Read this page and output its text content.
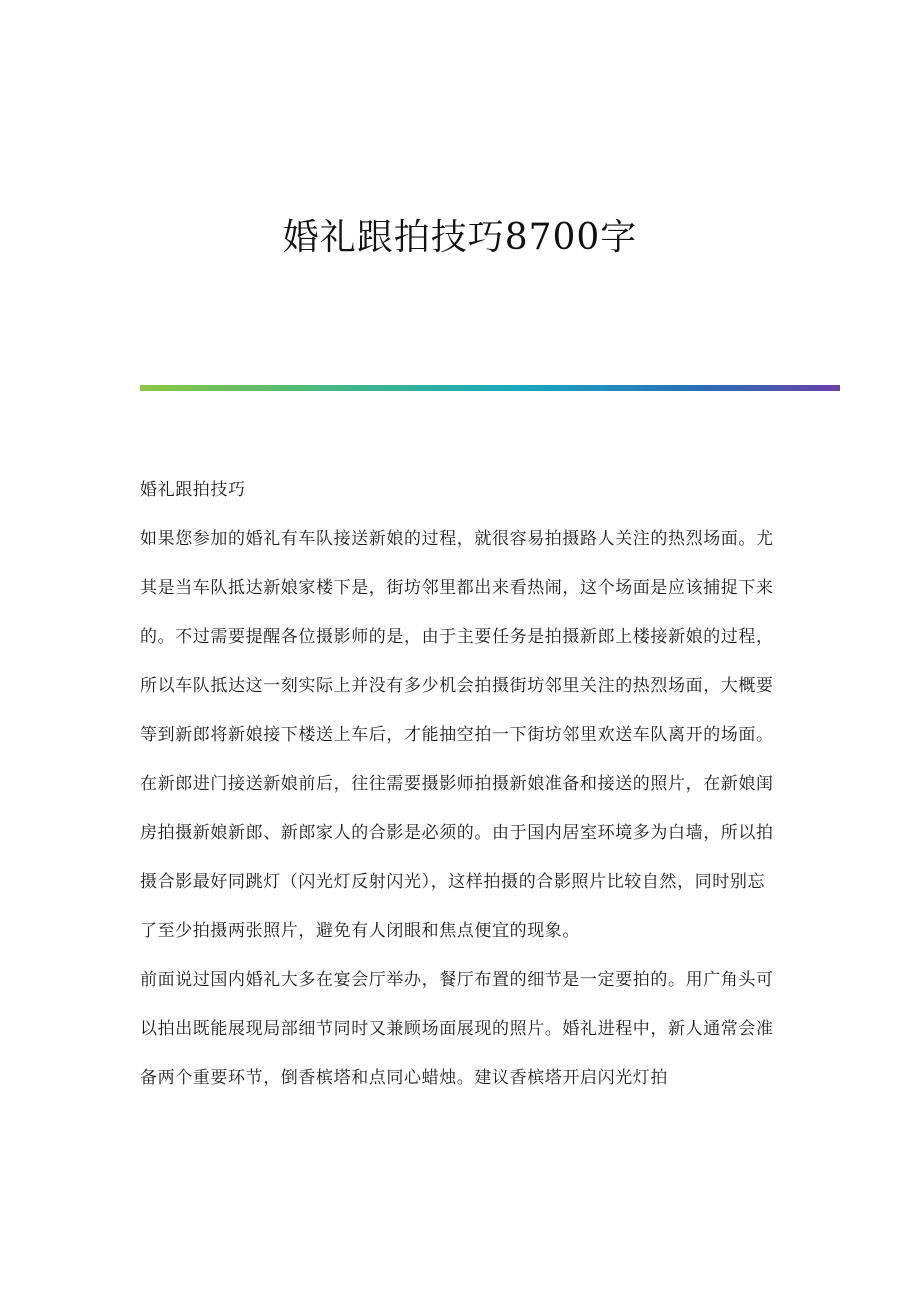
婚礼跟拍技巧8700字

婚礼跟拍技巧

如果您参加的婚礼有车队接送新娘的过程，就很容易拍摄路人关注的热烈场面。尤其是当车队抵达新娘家楼下是，街坊邻里都出来看热闹，这个场面是应该捕捉下来的。不过需要提醒各位摄影师的是，由于主要任务是拍摄新郎上楼接新娘的过程，所以车队抵达这一刻实际上并没有多少机会拍摄街坊邻里关注的热烈场面，大概要等到新郎将新娘接下楼送上车后，才能抽空拍一下街坊邻里欢送车队离开的场面。

在新郎进门接送新娘前后，往往需要摄影师拍摄新娘准备和接送的照片，在新娘闺房拍摄新娘新郎、新郎家人的合影是必须的。由于国内居室环境多为白墙，所以拍摄合影最好同跳灯（闪光灯反射闪光），这样拍摄的合影照片比较自然，同时别忘了至少拍摄两张照片，避免有人闭眼和焦点便宜的现象。

前面说过国内婚礼大多在宴会厅举办，餐厅布置的细节是一定要拍的。用广角头可以拍出既能展现局部细节同时又兼顾场面展现的照片。婚礼进程中，新人通常会准备两个重要环节，倒香槟塔和点同心蜡烛。建议香槟塔开启闪光灯拍
